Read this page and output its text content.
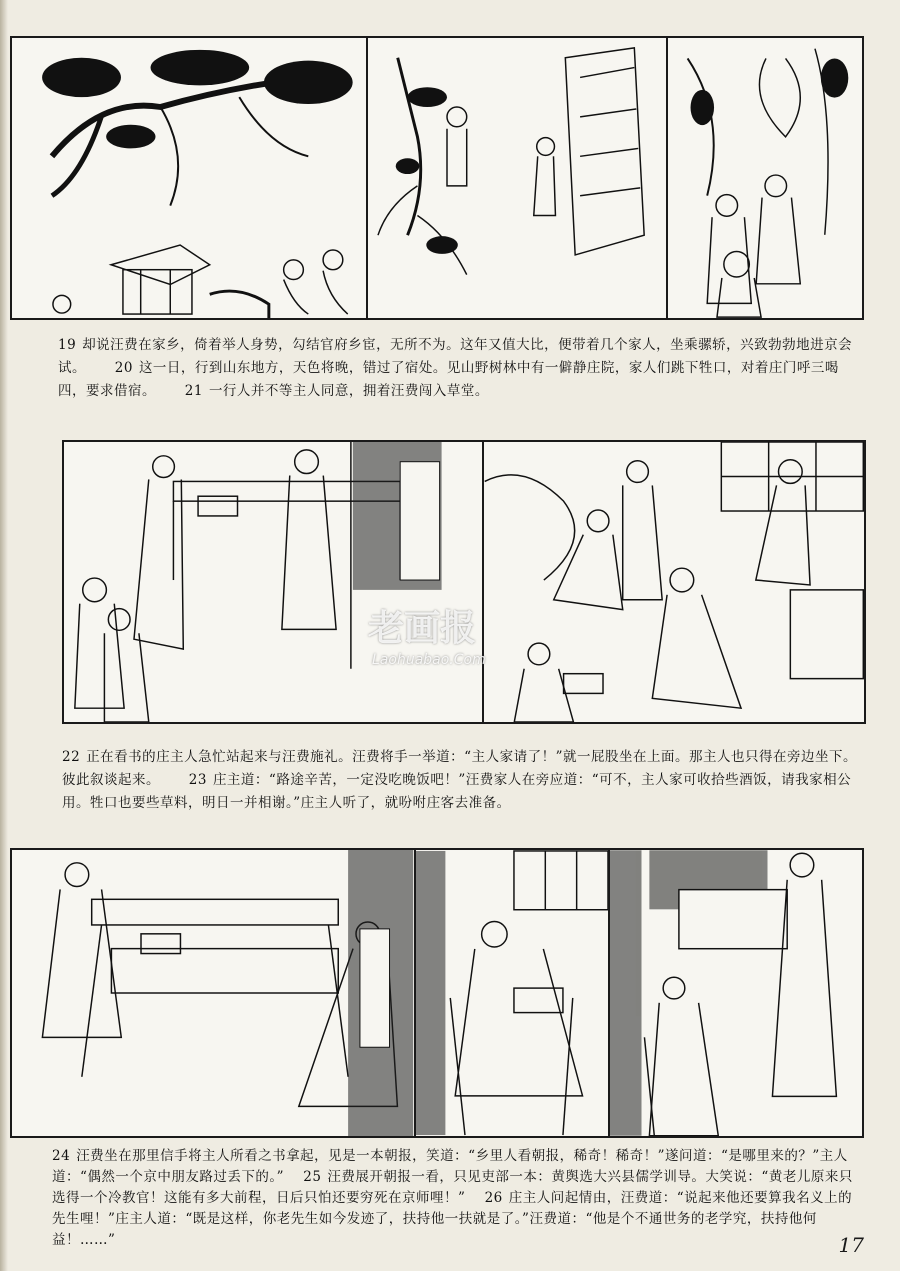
19 却说汪费在家乡，倚着举人身势，勾结官府乡宦，无所不为。这年又值大比，便带着几个家人，坐乘骡轿，兴致勃勃地进京会试。 20 这一日，行到山东地方，天色将晚，错过了宿处。见山野树林中有一僻静庄院，家人们跳下牲口，对着庄门呼三喝四，要求借宿。 21 一行人并不等主人同意，拥着汪费闯入草堂。
22 正在看书的庄主人急忙站起来与汪费施礼。汪费将手一举道：“主人家请了！”就一屁股坐在上面。那主人也只得在旁边坐下。彼此叙谈起来。 23 庄主道：“路途辛苦，一定没吃晚饭吧！”汪费家人在旁应道：“可不，主人家可收拾些酒饭，请我家相公用。牲口也要些草料，明日一并相谢。”庄主人听了，就吩咐庄客去准备。
24 汪费坐在那里信手将主人所看之书拿起，见是一本朝报，笑道：“乡里人看朝报，稀奇！稀奇！”遂问道：“是哪里来的？”主人道：“偶然一个京中朋友路过丢下的。” 25 汪费展开朝报一看，只见吏部一本：黄舆选大兴县儒学训导。大笑说：“黄老儿原来只选得一个冷教官！这能有多大前程，日后只怕还要穷死在京师哩！” 26 庄主人问起情由，汪费道：“说起来他还要算我名义上的先生哩！”庄主人道：“既是这样，你老先生如今发迹了，扶持他一扶就是了。”汪费道：“他是个不通世务的老学究，扶持他何益！……”
老画报
Laohuabao.Com
17
